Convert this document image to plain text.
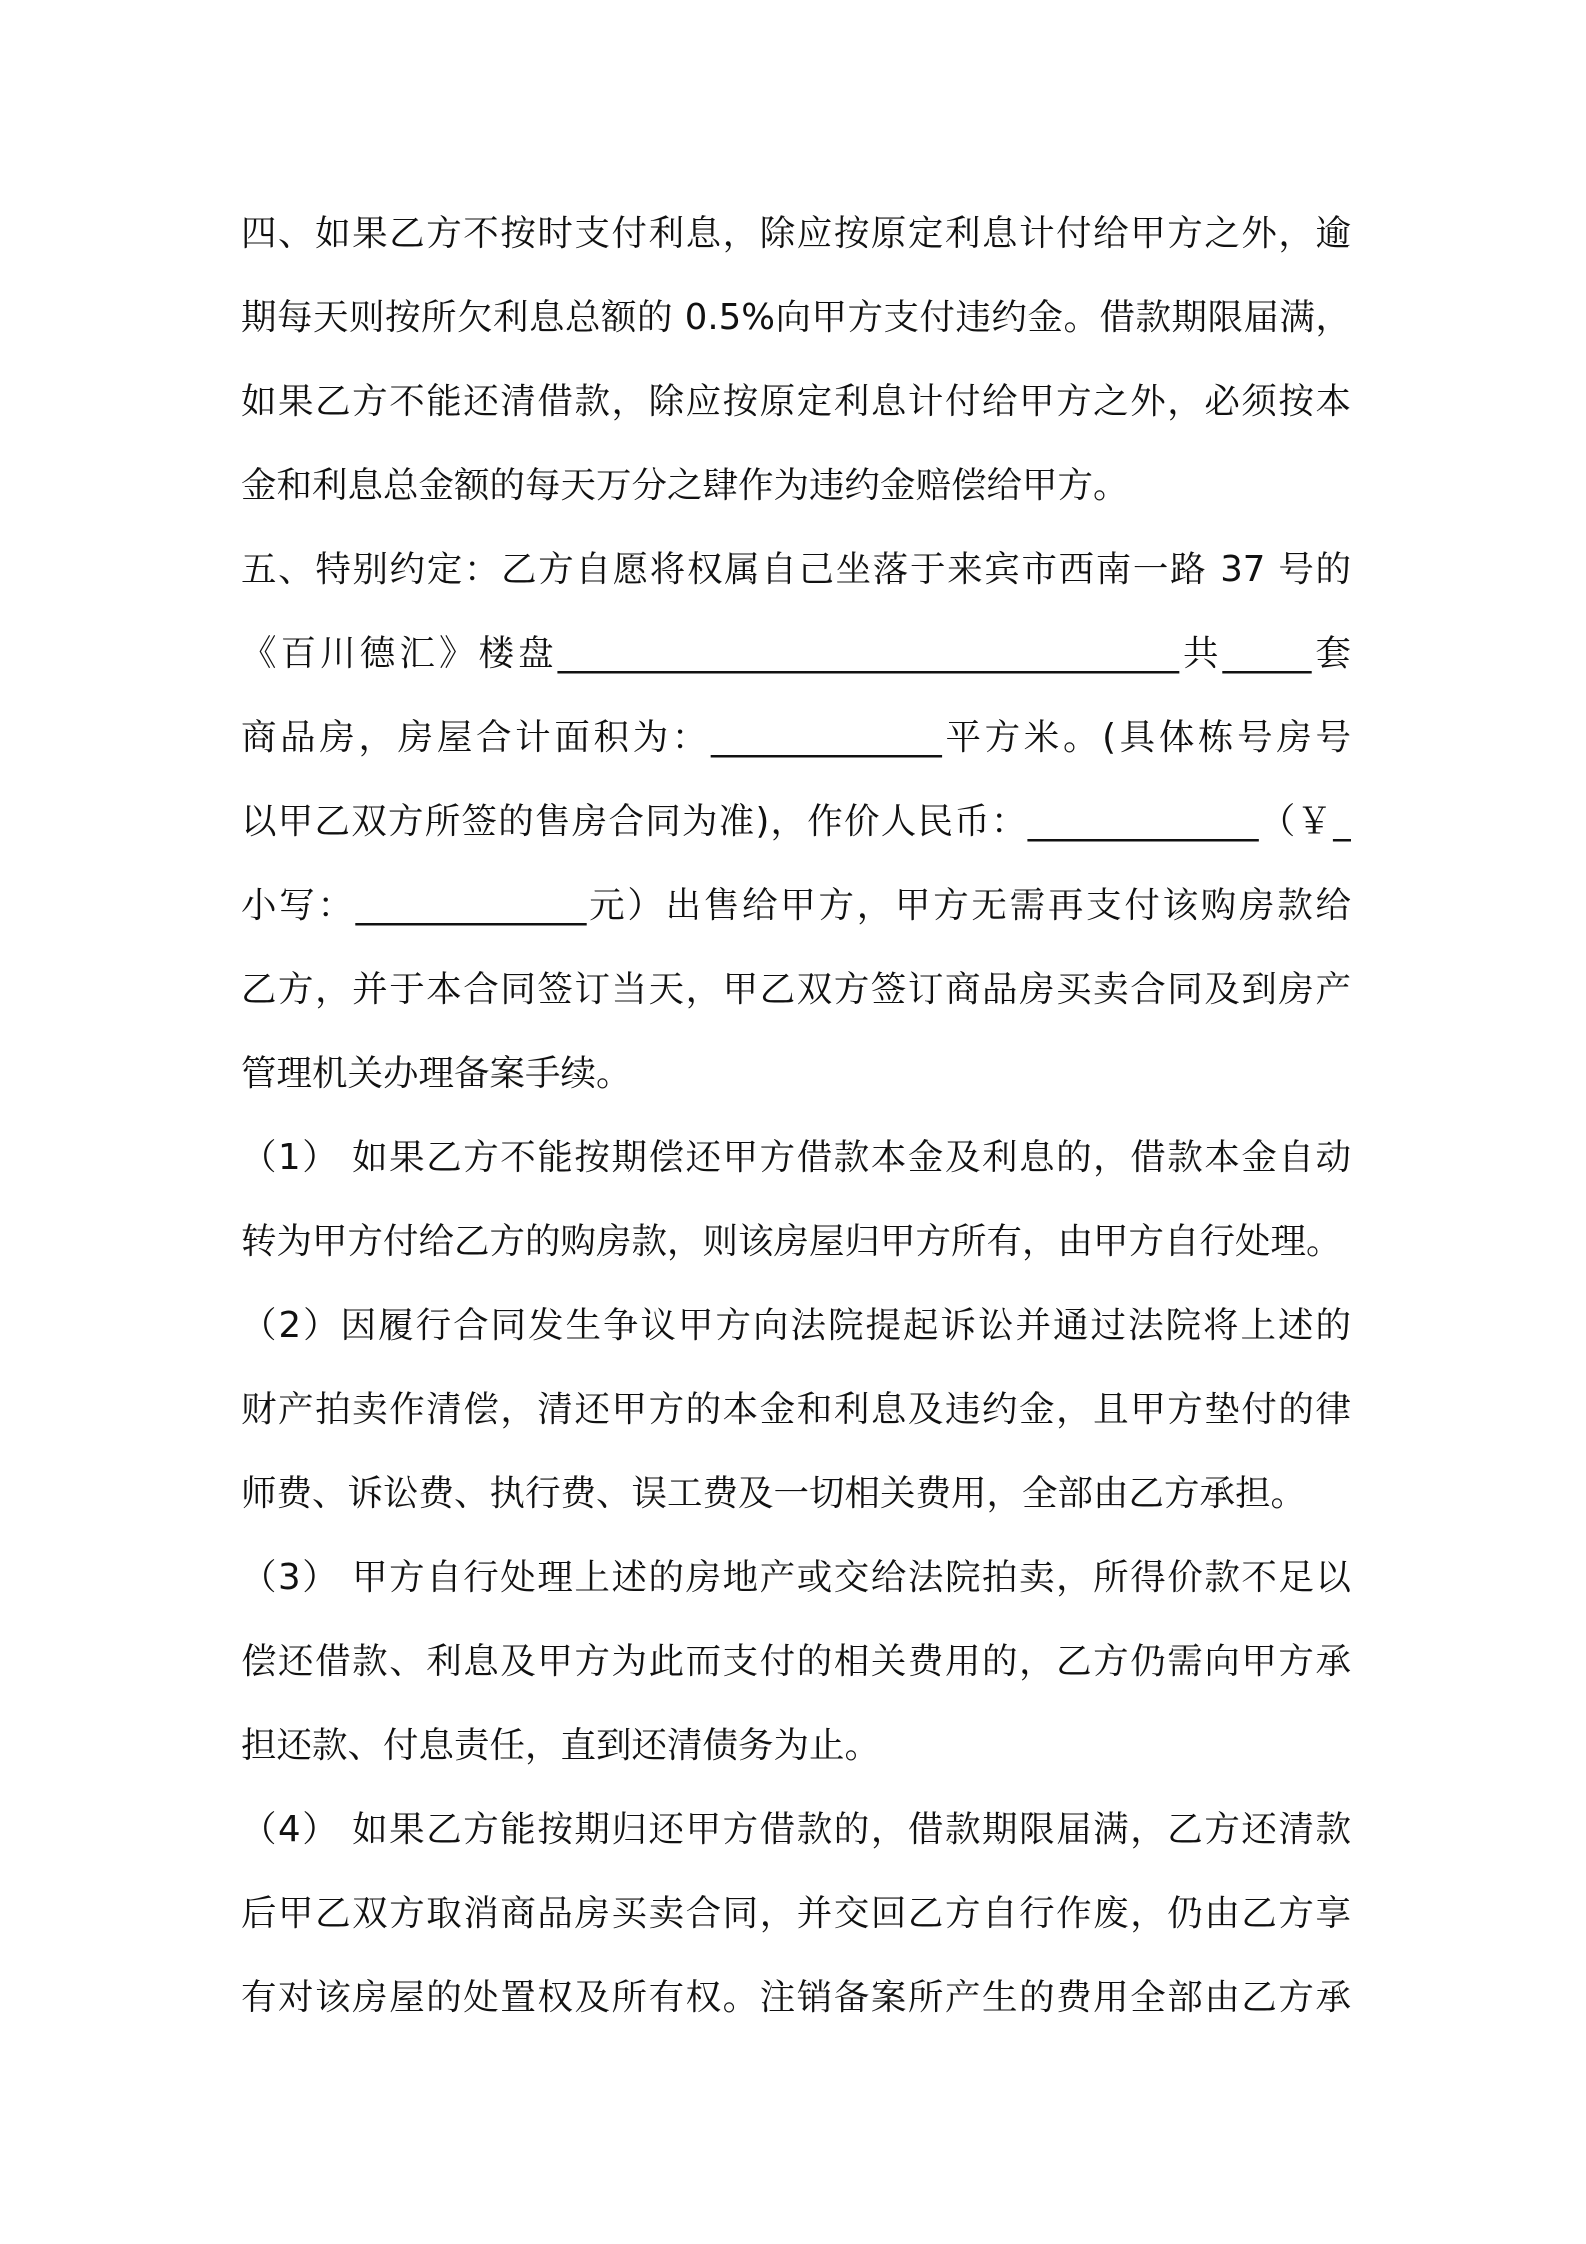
四、如果乙方不按时支付利息，除应按原定利息计付给甲方之外，逾
期每天则按所欠利息总额的 0.5%向甲方支付违约金。借款期限届满，
如果乙方不能还清借款，除应按原定利息计付给甲方之外，必须按本
金和利息总金额的每天万分之肆作为违约金赔偿给甲方。
五、特别约定：乙方自愿将权属自己坐落于来宾市西南一路 37 号的
《百川德汇》楼盘___________________________________共_____套
商品房，房屋合计面积为：_____________平方米。(具体栋号房号
以甲乙双方所签的售房合同为准)，作价人民币：_____________（￥_
小写：_____________元）出售给甲方，甲方无需再支付该购房款给
乙方，并于本合同签订当天，甲乙双方签订商品房买卖合同及到房产
管理机关办理备案手续。
（1） 如果乙方不能按期偿还甲方借款本金及利息的，借款本金自动
转为甲方付给乙方的购房款，则该房屋归甲方所有，由甲方自行处理。
（2）因履行合同发生争议甲方向法院提起诉讼并通过法院将上述的
财产拍卖作清偿，清还甲方的本金和利息及违约金，且甲方垫付的律
师费、诉讼费、执行费、误工费及一切相关费用，全部由乙方承担。
（3） 甲方自行处理上述的房地产或交给法院拍卖，所得价款不足以
偿还借款、利息及甲方为此而支付的相关费用的，乙方仍需向甲方承
担还款、付息责任，直到还清债务为止。
（4） 如果乙方能按期归还甲方借款的，借款期限届满，乙方还清款
后甲乙双方取消商品房买卖合同，并交回乙方自行作废，仍由乙方享
有对该房屋的处置权及所有权。注销备案所产生的费用全部由乙方承
